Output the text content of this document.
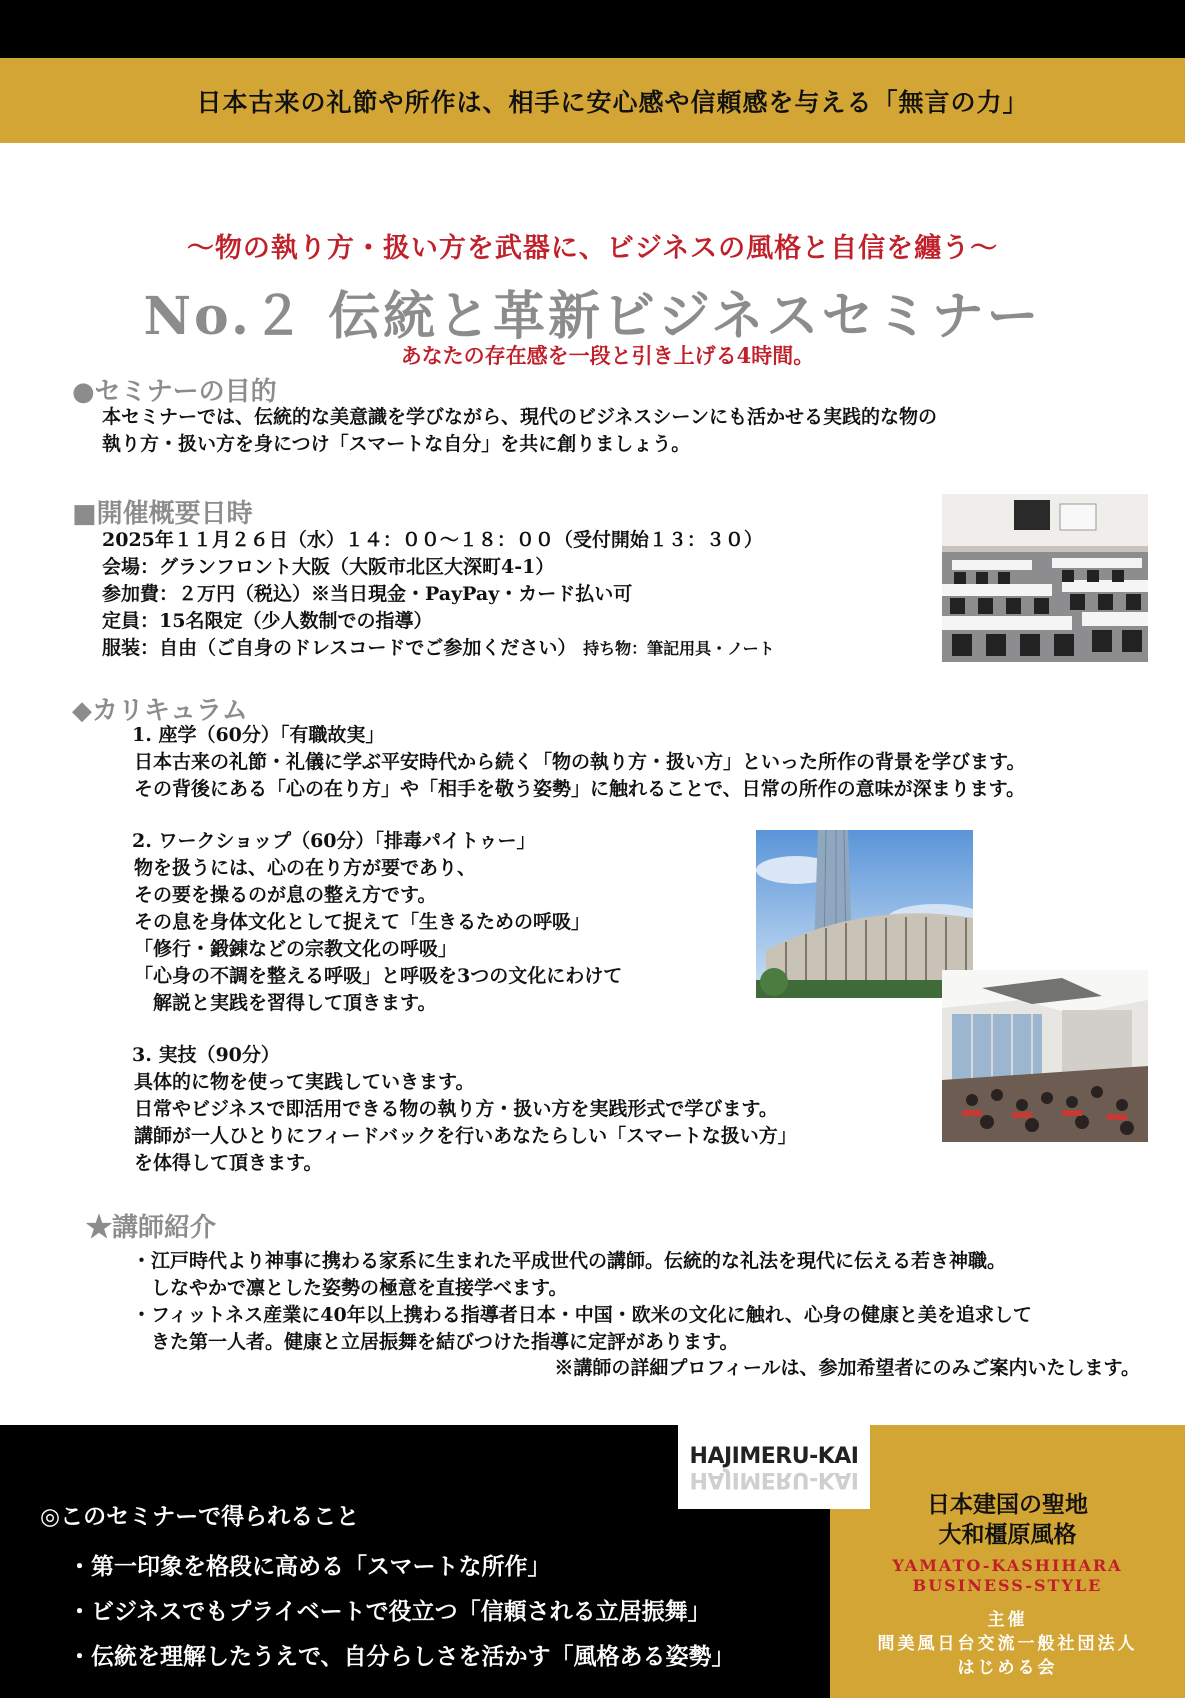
日本古来の礼節や所作は、相手に安心感や信頼感を与える「無言の力」
～物の執り方・扱い方を武器に、ビジネスの風格と自信を纏う～
No.２ 伝統と革新ビジネスセミナー
あなたの存在感を一段と引き上げる4時間。
●セミナーの目的
本セミナーでは、伝統的な美意識を学びながら、現代のビジネスシーンにも活かせる実践的な物の
執り方・扱い方を身につけ「スマートな自分」を共に創りましょう。
■開催概要日時
2025年１１月２６日（水）１４：００～１８：００（受付開始１３：３０）
会場：グランフロント大阪（大阪市北区大深町4-1）
参加費：２万円（税込）※当日現金・PayPay・カード払い可
定員：15名限定（少人数制での指導）
服装：自由（ご自身のドレスコードでご参加ください） 持ち物：筆記用具・ノート
◆カリキュラム
1. 座学（60分）「有職故実」
日本古来の礼節・礼儀に学ぶ平安時代から続く「物の執り方・扱い方」といった所作の背景を学びます。
その背後にある「心の在り方」や「相手を敬う姿勢」に触れることで、日常の所作の意味が深まります。
2. ワークショップ（60分）「排毒パイトゥー」
物を扱うには、心の在り方が要であり、
その要を操るのが息の整え方です。
その息を身体文化として捉えて「生きるための呼吸」
「修行・鍛錬などの宗教文化の呼吸」
「心身の不調を整える呼吸」と呼吸を3つの文化にわけて
　解説と実践を習得して頂きます。
3. 実技（90分）
具体的に物を使って実践していきます。
日常やビジネスで即活用できる物の執り方・扱い方を実践形式で学びます。
講師が一人ひとりにフィードバックを行いあなたらしい「スマートな扱い方」
を体得して頂きます。
★講師紹介
・江戸時代より神事に携わる家系に生まれた平成世代の講師。伝統的な礼法を現代に伝える若き神職。
　しなやかで凛とした姿勢の極意を直接学べます。
・フィットネス産業に40年以上携わる指導者日本・中国・欧米の文化に触れ、心身の健康と美を追求して
　きた第一人者。健康と立居振舞を結びつけた指導に定評があります。
※講師の詳細プロフィールは、参加希望者にのみご案内いたします。
HAJIMERU-KAI
HAJIMERU-KAI
◎このセミナーで得られること
・第一印象を格段に高める「スマートな所作」
・ビジネスでもプライベートで役立つ「信頼される立居振舞」
・伝統を理解したうえで、自分らしさを活かす「風格ある姿勢」
日本建国の聖地
大和橿原風格
YAMATO-KASHIHARA
BUSINESS-STYLE
主催
間美風日台交流一般社団法人
はじめる会
